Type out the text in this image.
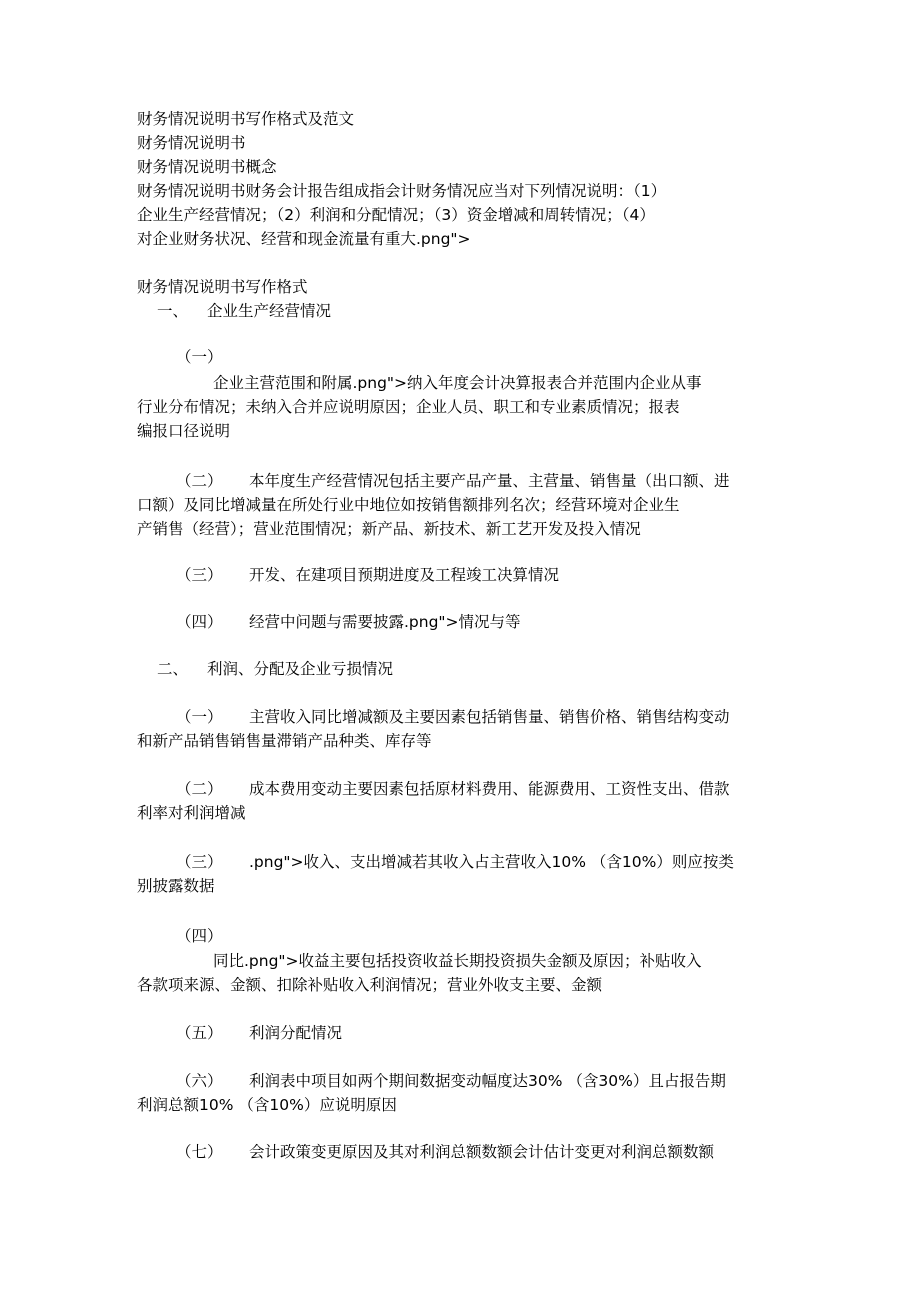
财务情况说明书写作格式及范文

财务情况说明书

财务情况说明书概念

财务情况说明书财务会计报告组成指会计财务情况应当对下列情况说明：（1）

企业生产经营情况；（2）利润和分配情况；（3）资金增减和周转情况；（4）

对企业财务状况、经营和现金流量有重大.png">

财务情况说明书写作格式

一、 企业生产经营情况
（一）

企业主营范围和附属.png">纳入年度会计决算报表合并范围内企业从事

行业分布情况；未纳入合并应说明原因；企业人员、职工和专业素质情况；报表

编报口径说明

（二） 本年度生产经营情况包括主要产品产量、主营量、销售量（出口额、进

口额）及同比增减量在所处行业中地位如按销售额排列名次；经营环境对企业生

产销售（经营）；营业范围情况；新产品、新技术、新工艺开发及投入情况

（三） 开发、在建项目预期进度及工程竣工决算情况

（四） 经营中问题与需要披露.png">情况与等

二、 利润、分配及企业亏损情况
（一） 主营收入同比增减额及主要因素包括销售量、销售价格、销售结构变动

和新产品销售销售量滞销产品种类、库存等

（二） 成本费用变动主要因素包括原材料费用、能源费用、工资性支出、借款

利率对利润增减

（三） .png">收入、支出增减若其收入占主营收入10% （含10%）则应按类

别披露数据

（四）

同比.png">收益主要包括投资收益长期投资损失金额及原因；补贴收入

各款项来源、金额、扣除补贴收入利润情况；营业外收支主要、金额

（五） 利润分配情况

（六） 利润表中项目如两个期间数据变动幅度达30% （含30%）且占报告期

利润总额10% （含10%）应说明原因

（七） 会计政策变更原因及其对利润总额数额会计估计变更对利润总额数额
